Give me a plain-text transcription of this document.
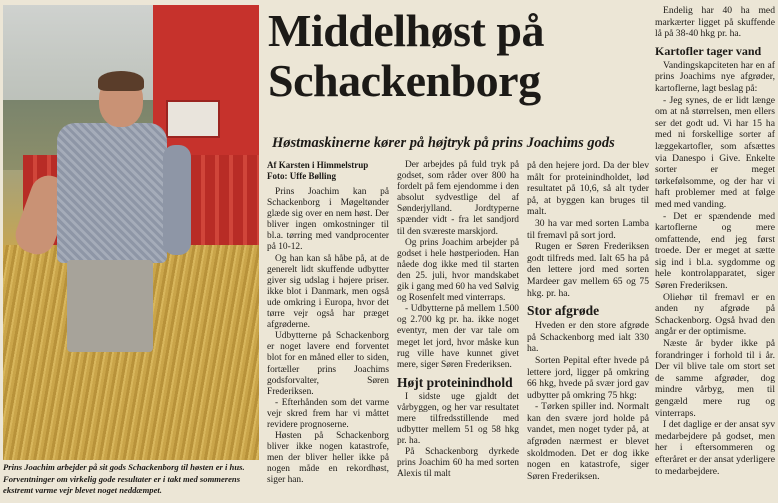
Prins Joachim arbejder på sit gods Schackenborg til høsten er i hus. Forventninger om virkelig gode resultater er i takt med sommerens ekstremt varme vejr blevet noget neddæmpet.
Middelhøst på
Schackenborg
Høstmaskinerne kører på højtryk på prins Joachims gods

Af Karsten i Himmelstrup
Foto: Uffe Bølling

Prins Joachim kan på Schackenborg i Møgeltønder glæde sig over en nem høst. Der bliver ingen omkostninger til bl.a. tørring med vandprocenter på 10-12.

Og han kan så håbe på, at de generelt lidt skuffende udbytter giver sig udslag i højere priser. ikke blot i Danmark, men også ude omkring i Europa, hvor det tørre vejr også har præget afgrøderne.

Udbytterne på Schackenborg er noget lavere end forventet blot for en måned eller to siden, fortæller prins Joachims godsforvalter, Søren Frederiksen.

- Efterhånden som det varme vejr skred frem har vi måttet revidere prognoserne.

Høsten på Schackenborg bliver ikke nogen katastrofe, men der bliver heller ikke på nogen måde en rekordhøst, siger han.

Der arbejdes på fuld tryk på godset, som råder over 800 ha fordelt på fem ejendomme i den absolut sydvestlige del af Sønderjylland. Jordtyperne spænder vidt - fra let sandjord til den sværeste marskjord.

Og prins Joachim arbejder på godset i hele høstperioden. Han nåede dog ikke med til starten den 25. juli, hvor mandskabet gik i gang med 60 ha ved Sølvig og Rosenfelt med vinterraps.

- Udbytterne på mellem 1.500 og 2.700 kg pr. ha. ikke noget eventyr, men der var tale om meget let jord, hvor måske kun rug ville have kunnet givet mere, siger Søren Frederiksen.

Højt proteinindhold

I sidste uge gjaldt det vårbyggen, og her var resultatet mere tilfredsstillende med udbytter mellem 51 og 58 hkg pr. ha.

På Schackenborg dyrkede prins Joachim 60 ha med sorten Alexis til malt

på den hejere jord. Da der blev målt for proteinindholdet, lød resultatet på 10,6, så alt tyder på, at byggen kan bruges til malt.

30 ha var med sorten Lamba til fremavl på sort jord.

Rugen er Søren Frederiksen godt tilfreds med. Ialt 65 ha på den lettere jord med sorten Mardeer gav mellem 65 og 75 hkg. pr. ha.

Stor afgrøde

Hveden er den store afgrøde på Schackenborg med ialt 330 ha.

Sorten Pepital efter hvede på lettere jord, ligger på omkring 66 hkg, hvede på svær jord gav udbytter på omkring 75 hkg:

- Tørken spiller ind. Normalt kan den svære jord holde på vandet, men noget tyder på, at afgrøden nærmest er blevet skoldmoden. Det er dog ikke nogen en katastrofe, siger Søren Frederiksen.

Endelig har 40 ha med markærter ligget på skuffende lå på 38-40 hkg pr. ha.

Kartofler tager vand

Vandingskapciteten har en af prins Joachims nye afgrøder, kartoflerne, lagt beslag på:

- Jeg synes, de er lidt længe om at nå størrelsen, men ellers ser det godt ud. Vi har 15 ha med ni forskellige sorter af læggekartofler, som afsættes via Danespo i Give. Enkelte sorter er meget tørkefølsomme, og der har vi haft problemer med at følge med med vanding.

- Det er spændende med kartoflerne og mere omfattende, end jeg først troede. Der er meget at sætte sig ind i bl.a. sygdomme og hele kontrolapparatet, siger Søren Frederiksen.

Oliehør til fremavl er en anden ny afgrøde på Schackenborg. Også hvad den angår er der optimisme.

Næste år byder ikke på forandringer i forhold til i år. Der vil blive tale om stort set de samme afgrøder, dog mindre vårbyg, men til gengæld mere rug og vinterraps.

I det daglige er der ansat syv medarbejdere på godset, men her i eftersommeren og efteråret er der ansat yderligere to medarbejdere.
